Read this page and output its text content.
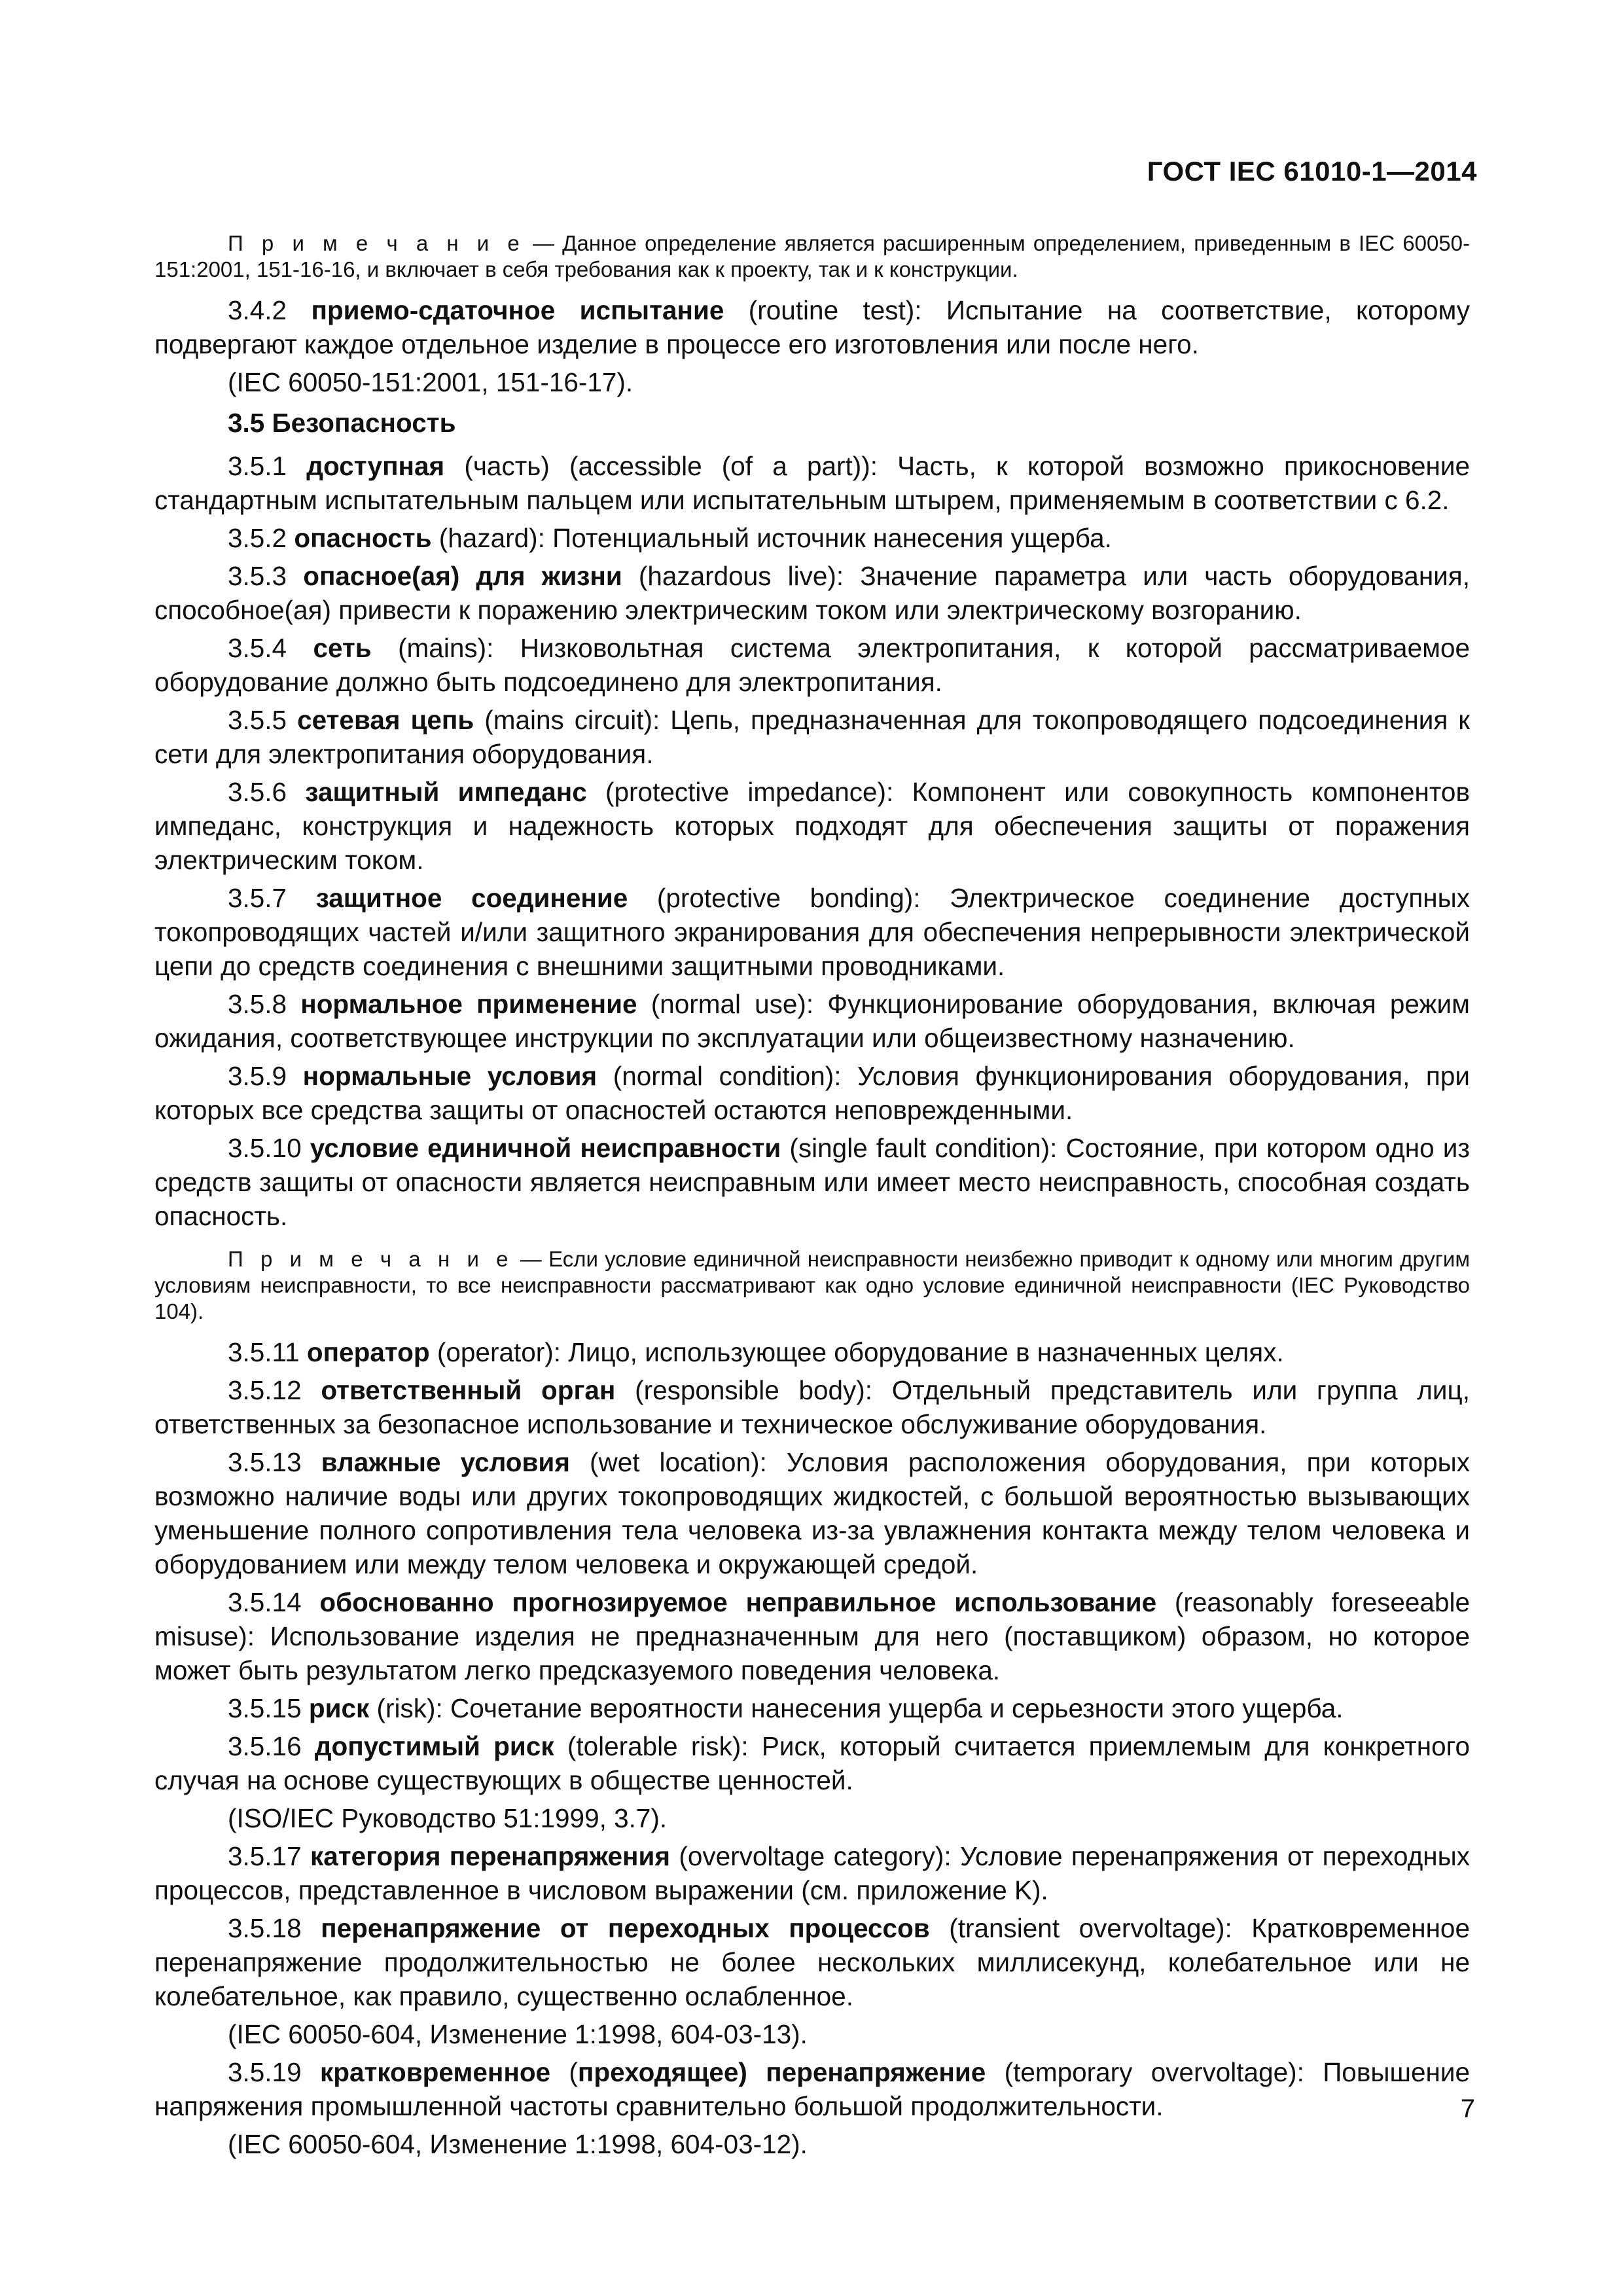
ГОСТ IEC 61010-1—2014

П р и м е ч а н и е — Данное определение является расширенным определением, приведенным в IEC 60050-151:2001, 151-16-16, и включает в себя требования как к проекту, так и к конструкции.

3.4.2 приемо-сдаточное испытание (routine test): Испытание на соответствие, которому подвергают каждое отдельное изделие в процессе его изготовления или после него.

(IEC 60050-151:2001, 151-16-17).

3.5 Безопасность

3.5.1 доступная (часть) (accessible (of a part)): Часть, к которой возможно прикосновение стандартным испытательным пальцем или испытательным штырем, применяемым в соответствии с 6.2.

3.5.2 опасность (hazard): Потенциальный источник нанесения ущерба.

3.5.3 опасное(ая) для жизни (hazardous live): Значение параметра или часть оборудования, способное(ая) привести к поражению электрическим током или электрическому возгоранию.

3.5.4 сеть (mains): Низковольтная система электропитания, к которой рассматриваемое оборудование должно быть подсоединено для электропитания.

3.5.5 сетевая цепь (mains circuit): Цепь, предназначенная для токопроводящего подсоединения к сети для электропитания оборудования.

3.5.6 защитный импеданс (protective impedance): Компонент или совокупность компонентов импеданс, конструкция и надежность которых подходят для обеспечения защиты от поражения электрическим током.

3.5.7 защитное соединение (protective bonding): Электрическое соединение доступных токопроводящих частей и/или защитного экранирования для обеспечения непрерывности электрической цепи до средств соединения с внешними защитными проводниками.

3.5.8 нормальное применение (normal use): Функционирование оборудования, включая режим ожидания, соответствующее инструкции по эксплуатации или общеизвестному назначению.

3.5.9 нормальные условия (normal condition): Условия функционирования оборудования, при которых все средства защиты от опасностей остаются неповрежденными.

3.5.10 условие единичной неисправности (single fault condition): Состояние, при котором одно из средств защиты от опасности является неисправным или имеет место неисправность, способная создать опасность.

П р и м е ч а н и е — Если условие единичной неисправности неизбежно приводит к одному или многим другим условиям неисправности, то все неисправности рассматривают как одно условие единичной неисправности (IEC Руководство 104).

3.5.11 оператор (operator): Лицо, использующее оборудование в назначенных целях.

3.5.12 ответственный орган (responsible body): Отдельный представитель или группа лиц, ответственных за безопасное использование и техническое обслуживание оборудования.

3.5.13 влажные условия (wet location): Условия расположения оборудования, при которых возможно наличие воды или других токопроводящих жидкостей, с большой вероятностью вызывающих уменьшение полного сопротивления тела человека из-за увлажнения контакта между телом человека и оборудованием или между телом человека и окружающей средой.

3.5.14 обоснованно прогнозируемое неправильное использование (reasonably foreseeable misuse): Использование изделия не предназначенным для него (поставщиком) образом, но которое может быть результатом легко предсказуемого поведения человека.

3.5.15 риск (risk): Сочетание вероятности нанесения ущерба и серьезности этого ущерба.

3.5.16 допустимый риск (tolerable risk): Риск, который считается приемлемым для конкретного случая на основе существующих в обществе ценностей.

(ISO/IEC Руководство 51:1999, 3.7).

3.5.17 категория перенапряжения (overvoltage category): Условие перенапряжения от переходных процессов, представленное в числовом выражении (см. приложение K).

3.5.18 перенапряжение от переходных процессов (transient overvoltage): Кратковременное перенапряжение продолжительностью не более нескольких миллисекунд, колебательное или не колебательное, как правило, существенно ослабленное.

(IEC 60050-604, Изменение 1:1998, 604-03-13).

3.5.19 кратковременное (преходящее) перенапряжение (temporary overvoltage): Повышение напряжения промышленной частоты сравнительно большой продолжительности.

(IEC 60050-604, Изменение 1:1998, 604-03-12).

7
